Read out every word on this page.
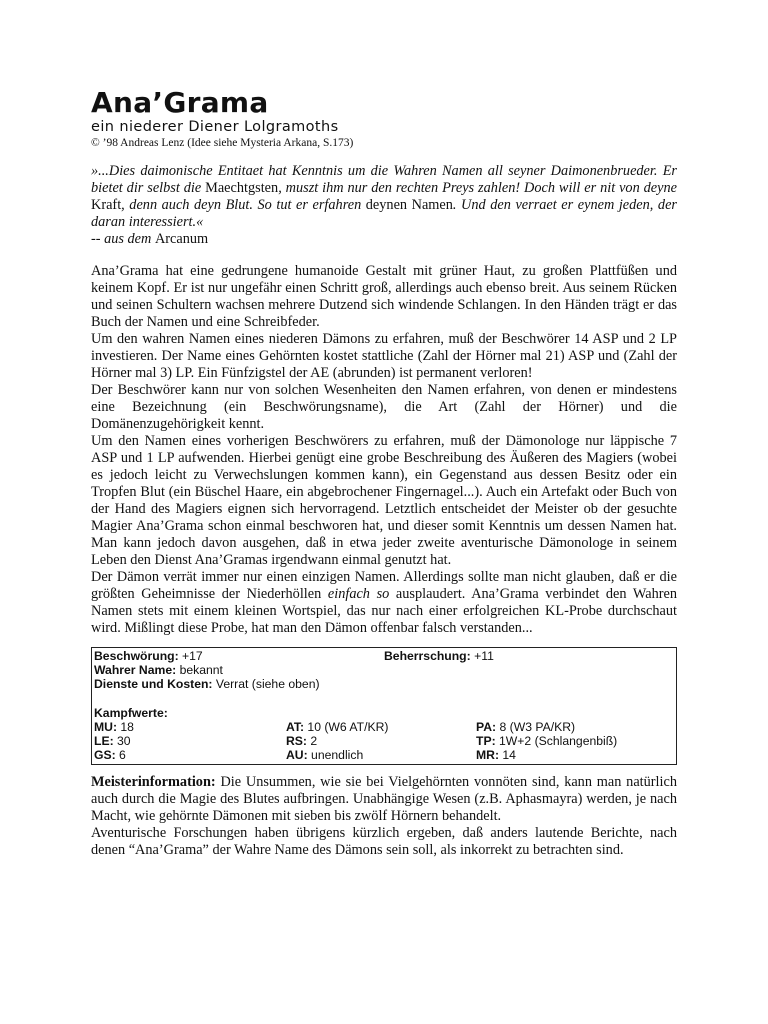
Ana’Grama
ein niederer Diener Lolgramoths
© ’98 Andreas Lenz (Idee siehe Mysteria Arkana, S.173)
»...Dies daimonische Entitaet hat Kenntnis um die Wahren Namen all seyner Daimonenbrueder. Er bietet dir selbst die Maechtgsten, muszt ihm nur den rechten Preys zahlen! Doch will er nit von deyne Kraft, denn auch deyn Blut. So tut er erfahren deynen Namen. Und den verraet er eynem jeden, der daran interessiert.«
-- aus dem Arcanum

Ana’Grama hat eine gedrungene humanoide Gestalt mit grüner Haut, zu großen Plattfüßen und keinem Kopf. Er ist nur ungefähr einen Schritt groß, allerdings auch ebenso breit. Aus seinem Rücken und seinen Schultern wachsen mehrere Dutzend sich windende Schlangen. In den Händen trägt er das Buch der Namen und eine Schreibfeder.

Um den wahren Namen eines niederen Dämons zu erfahren, muß der Beschwörer 14 ASP und 2 LP investieren. Der Name eines Gehörnten kostet stattliche (Zahl der Hörner mal 21) ASP und (Zahl der Hörner mal 3) LP. Ein Fünfzigstel der AE (abrunden) ist permanent verloren!

Der Beschwörer kann nur von solchen Wesenheiten den Namen erfahren, von denen er mindestens eine Bezeichnung (ein Beschwörungsname), die Art (Zahl der Hörner) und die Domänenzugehörigkeit kennt.

Um den Namen eines vorherigen Beschwörers zu erfahren, muß der Dämonologe nur läppische 7 ASP und 1 LP aufwenden. Hierbei genügt eine grobe Beschreibung des Äußeren des Magiers (wobei es jedoch leicht zu Verwechslungen kommen kann), ein Gegenstand aus dessen Besitz oder ein Tropfen Blut (ein Büschel Haare, ein abgebrochener Fingernagel...). Auch ein Artefakt oder Buch von der Hand des Magiers eignen sich hervorragend. Letztlich entscheidet der Meister ob der gesuchte Magier Ana’Grama schon einmal beschworen hat, und dieser somit Kenntnis um dessen Namen hat. Man kann jedoch davon ausgehen, daß in etwa jeder zweite aventurische Dämonologe in seinem Leben den Dienst Ana’Gramas irgendwann einmal genutzt hat.

Der Dämon verrät immer nur einen einzigen Namen. Allerdings sollte man nicht glauben, daß er die größten Geheimnisse der Niederhöllen einfach so ausplaudert. Ana’Grama verbindet den Wahren Namen stets mit einem kleinen Wortspiel, das nur nach einer erfolgreichen KL-Probe durchschaut wird. Mißlingt diese Probe, hat man den Dämon offenbar falsch verstanden...

Beschwörung: +17	Beherrschung: +11
Wahrer Name: bekannt
Dienste und Kosten: Verrat (siehe oben)
Kampfwerte:
MU: 18	AT: 10 (W6 AT/KR)	PA: 8 (W3 PA/KR)
LE: 30	RS: 2	TP: 1W+2 (Schlangenbiß)
GS: 6	AU: unendlich	MR: 14

Meisterinformation: Die Unsummen, wie sie bei Vielgehörnten vonnöten sind, kann man natürlich auch durch die Magie des Blutes aufbringen. Unabhängige Wesen (z.B. Aphasmayra) werden, je nach Macht, wie gehörnte Dämonen mit sieben bis zwölf Hörnern behandelt.

Aventurische Forschungen haben übrigens kürzlich ergeben, daß anders lautende Berichte, nach denen “Ana’Grama” der Wahre Name des Dämons sein soll, als inkorrekt zu betrachten sind.
